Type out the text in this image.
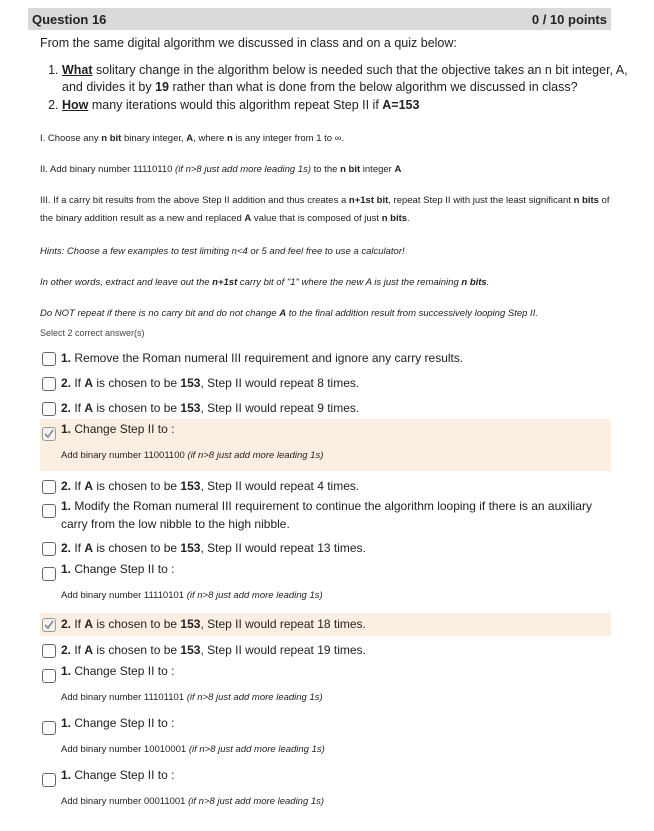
Question 16	0 / 10 points
From the same digital algorithm we discussed in class and on a quiz below:
1. What solitary change in the algorithm below is needed such that the objective takes an n bit integer, A, and divides it by 19 rather than what is done from the below algorithm we discussed in class?
2. How many iterations would this algorithm repeat Step II if A=153
I. Choose any n bit binary integer, A, where n is any integer from 1 to ∞.
II. Add binary number 11110110 (if n>8 just add more leading 1s) to the n bit integer A
III. If a carry bit results from the above Step II addition and thus creates a n+1st bit, repeat Step II with just the least significant n bits of the binary addition result as a new and replaced A value that is composed of just n bits.
Hints: Choose a few examples to test limiting n<4 or 5 and feel free to use a calculator!
In other words, extract and leave out the n+1st carry bit of "1" where the new A is just the remaining n bits.
Do NOT repeat if there is no carry bit and do not change A to the final addition result from successively looping Step II.
Select 2 correct answer(s)
1. Remove the Roman numeral III requirement and ignore any carry results.
2. If A is chosen to be 153, Step II would repeat 8 times.
2. If A is chosen to be 153, Step II would repeat 9 times.
1. Change Step II to :
Add binary number 11001100 (if n>8 just add more leading 1s)
2. If A is chosen to be 153, Step II would repeat 4 times.
1. Modify the Roman numeral III requirement to continue the algorithm looping if there is an auxiliary
carry from the low nibble to the high nibble.
2. If A is chosen to be 153, Step II would repeat 13 times.
1. Change Step II to :
Add binary number 11110101 (if n>8 just add more leading 1s)
2. If A is chosen to be 153, Step II would repeat 18 times.
2. If A is chosen to be 153, Step II would repeat 19 times.
1. Change Step II to :
Add binary number 11101101 (if n>8 just add more leading 1s)
1. Change Step II to :
Add binary number 10010001 (if n>8 just add more leading 1s)
1. Change Step II to :
Add binary number 00011001 (if n>8 just add more leading 1s)
